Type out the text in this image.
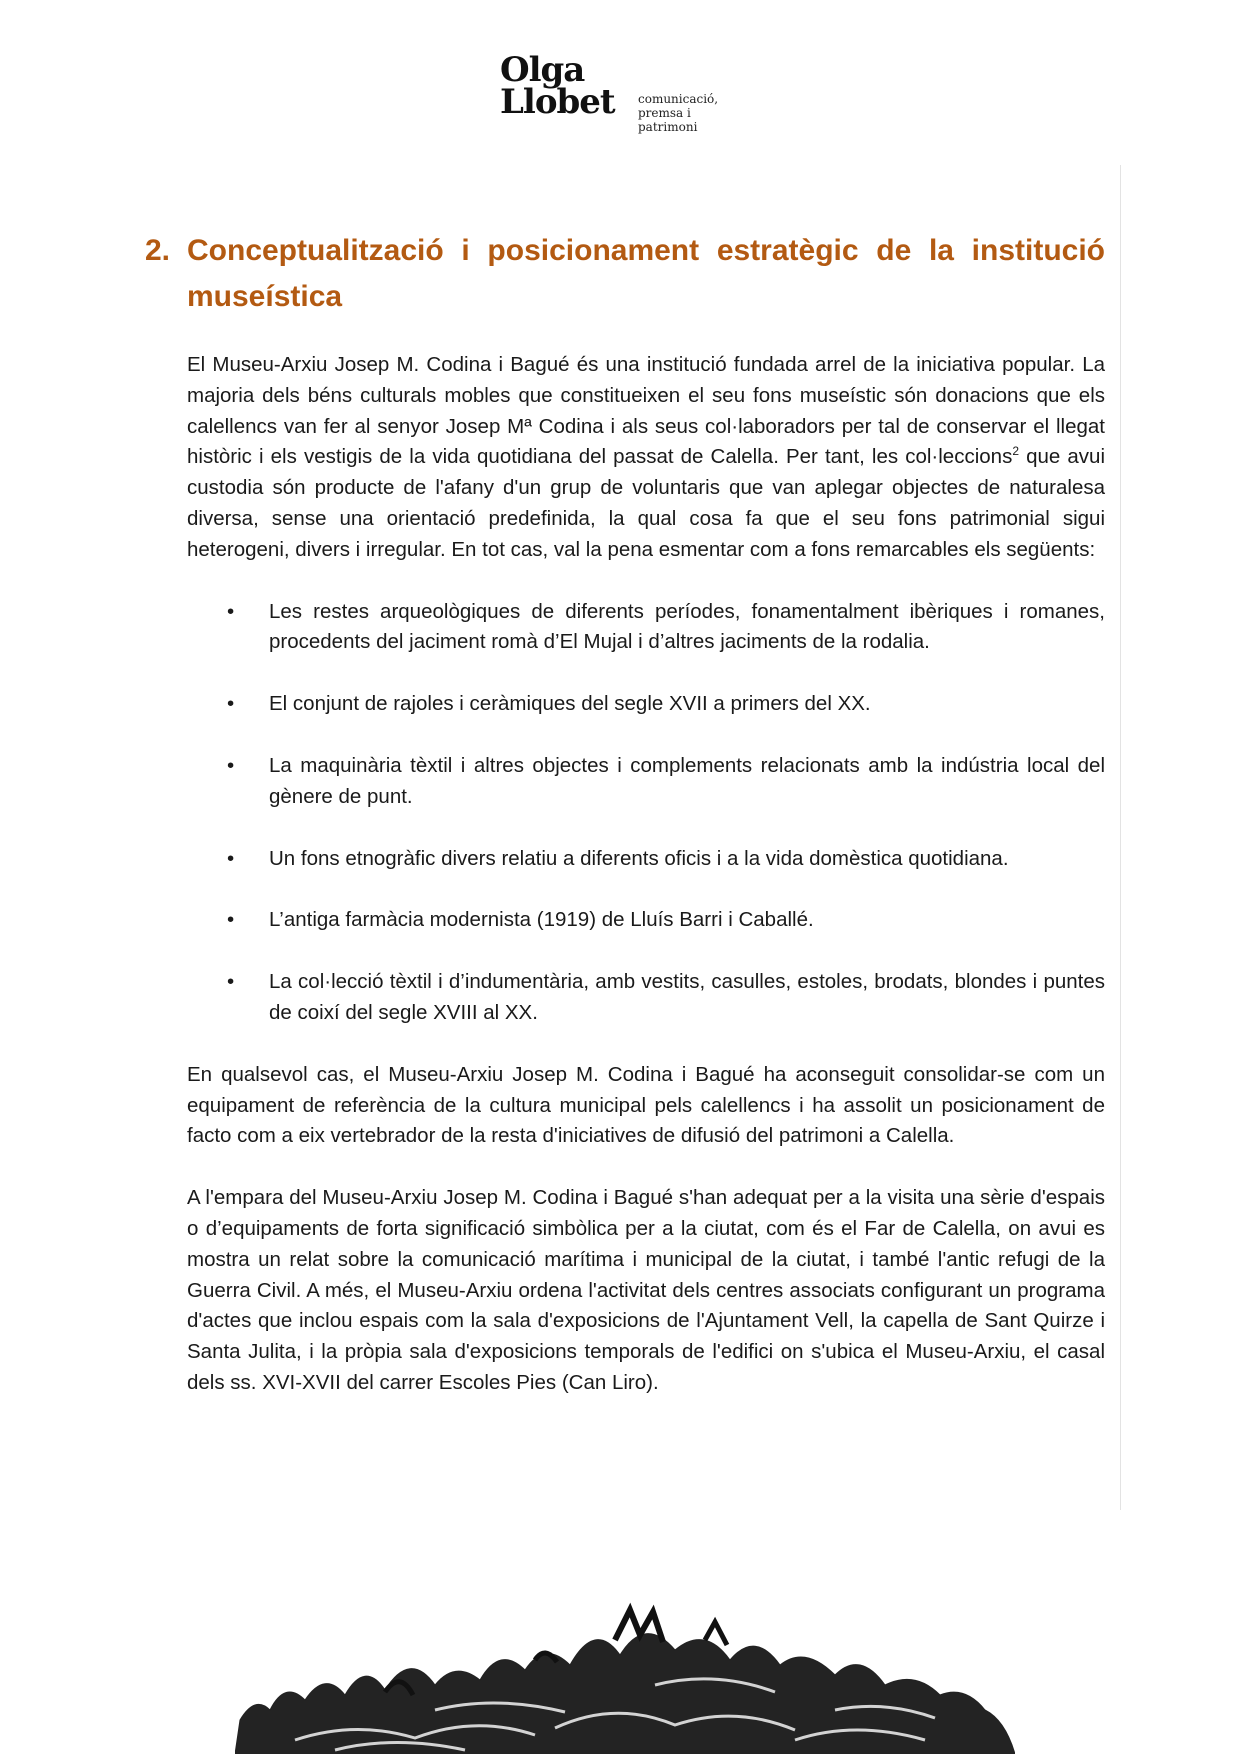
Olga
Llobet comunicació,
premsa i patrimoni
2. Conceptualització i posicionament estratègic de la institució museística

El Museu-Arxiu Josep M. Codina i Bagué és una institució fundada arrel de la iniciativa popular. La majoria dels béns culturals mobles que constitueixen el seu fons museístic són donacions que els calellencs van fer al senyor Josep Mª Codina i als seus col·laboradors per tal de conservar el llegat històric i els vestigis de la vida quotidiana del passat de Calella. Per tant, les col·leccions$^2$ que avui custodia són producte de l'afany d'un grup de voluntaris que van aplegar objectes de naturalesa diversa, sense una orientació predefinida, la qual cosa fa que el seu fons patrimonial sigui heterogeni, divers i irregular. En tot cas, val la pena esmentar com a fons remarcables els següents:

• Les restes arqueològiques de diferents períodes, fonamentalment ibèriques i romanes, procedents del jaciment romà d’El Mujal i d’altres jaciments de la rodalia.
• El conjunt de rajoles i ceràmiques del segle XVII a primers del XX.
• La maquinària tèxtil i altres objectes i complements relacionats amb la indústria local del gènere de punt.
• Un fons etnogràfic divers relatiu a diferents oficis i a la vida domèstica quotidiana.
• L’antiga farmàcia modernista (1919) de Lluís Barri i Caballé.
• La col·lecció tèxtil i d’indumentària, amb vestits, casulles, estoles, brodats, blondes i puntes de coixí del segle XVIII al XX.

En qualsevol cas, el Museu-Arxiu Josep M. Codina i Bagué ha aconseguit consolidar-se com un equipament de referència de la cultura municipal pels calellencs i ha assolit un posicionament de facto com a eix vertebrador de la resta d'iniciatives de difusió del patrimoni a Calella.

A l'empara del Museu-Arxiu Josep M. Codina i Bagué s'han adequat per a la visita una sèrie d'espais o d’equipaments de forta significació simbòlica per a la ciutat, com és el Far de Calella, on avui es mostra un relat sobre la comunicació marítima i municipal de la ciutat, i també l'antic refugi de la Guerra Civil. A més, el Museu-Arxiu ordena l'activitat dels centres associats configurant un programa d'actes que inclou espais com la sala d'exposicions de l'Ajuntament Vell, la capella de Sant Quirze i Santa Julita, i la pròpia sala d'exposicions temporals de l'edifici on s'ubica el Museu-Arxiu, el casal dels ss. XVI-XVII del carrer Escoles Pies (Can Liro).
